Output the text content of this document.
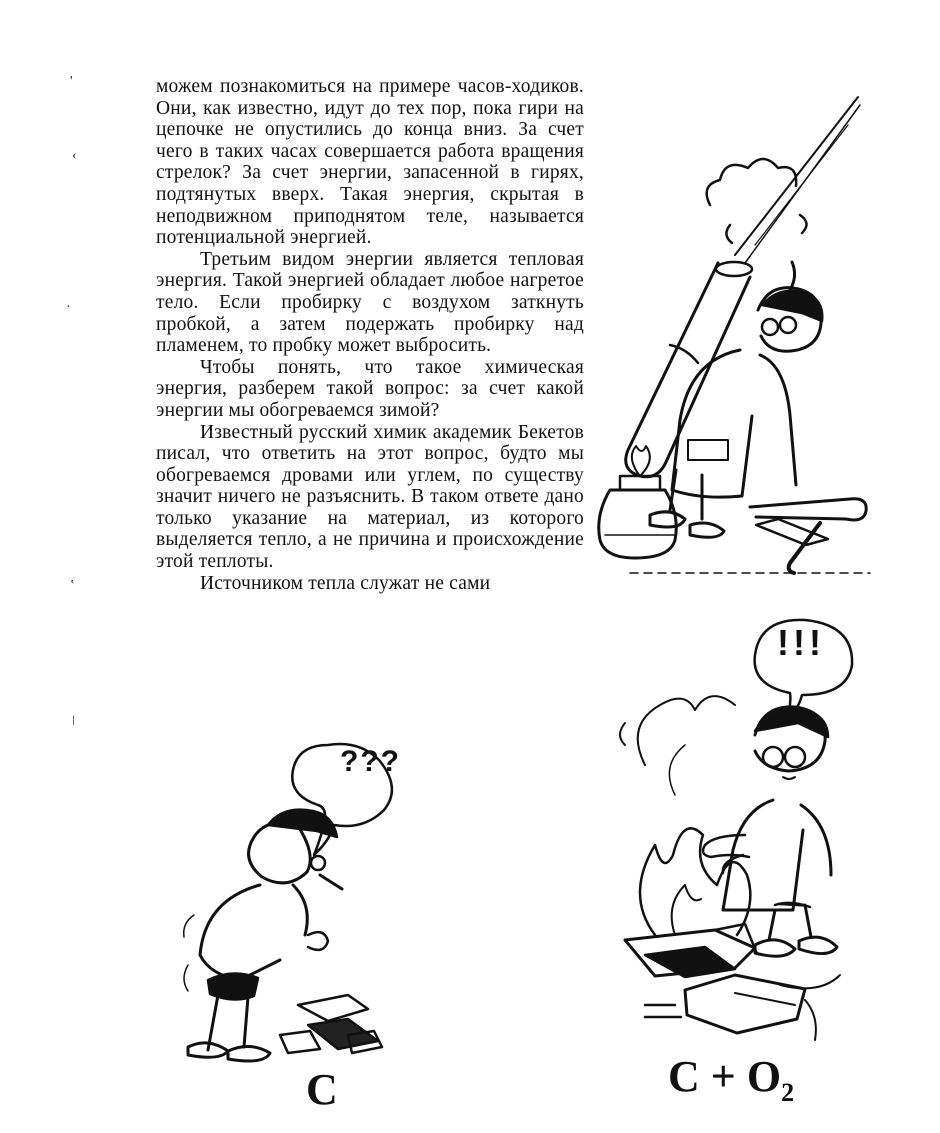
'
‹
·
‛
ǀ

можем познакомиться на примере часов-ходиков. Они, как известно, идут до тех пор, пока гири на цепочке не опустились до конца вниз. За счет чего в таких часах совершается работа вращения стрелок? За счет энергии, запасенной в гирях, подтянутых вверх. Такая энергия, скрытая в неподвижном приподнятом теле, называется потенциальной энергией.

Третьим видом энергии является тепловая энергия. Такой энергией обладает любое нагретое тело. Если пробирку с воздухом заткнуть пробкой, а затем подержать пробирку над пламенем, то пробку может выбросить.

Чтобы понять, что такое химическая энергия, разберем такой вопрос: за счет какой энергии мы обогреваемся зимой?

Известный русский химик академик Бекетов писал, что ответить на этот вопрос, будто мы обогреваемся дровами или углем, по существу значит ничего не разъяснить. В таком ответе дано только указание на материал, из которого выделяется тепло, а не причина и происхождение этой теплоты.

Источником тепла служат не сами

???
!!!
C	$C + O_2$
